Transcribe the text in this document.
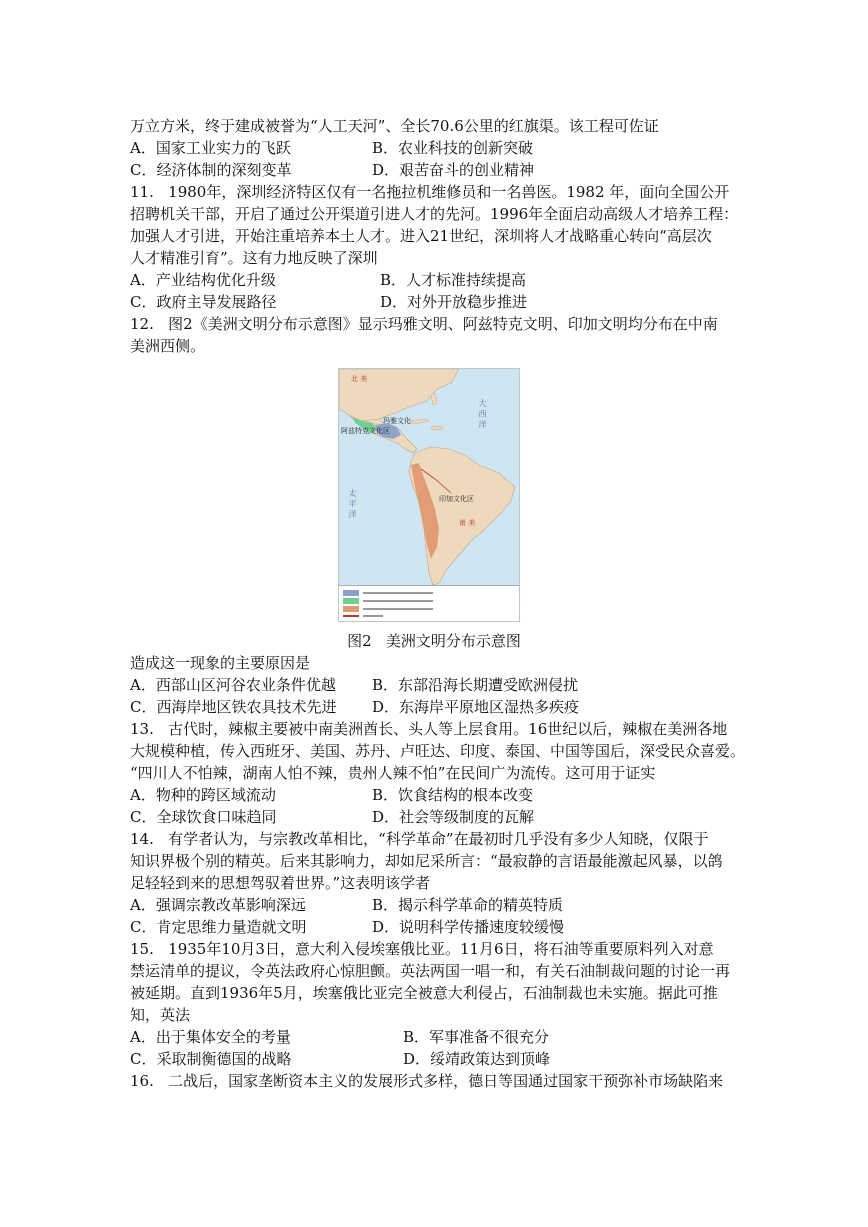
万立方米，终于建成被誉为“人工天河”、全长70.6公里的红旗渠。该工程可佐证
A．国家工业实力的飞跃	B．农业科技的创新突破
C．经济体制的深刻变革	D．艰苦奋斗的创业精神
11.   1980年，深圳经济特区仅有一名拖拉机维修员和一名兽医。1982 年，面向全国公开
招聘机关干部，开启了通过公开渠道引进人才的先河。1996年全面启动高级人才培养工程：
加强人才引进，开始注重培养本土人才。进入21世纪，深圳将人才战略重心转向“高层次
人才精准引育”。这有力地反映了深圳
A．产业结构优化升级	B．人才标准持续提高
C．政府主导发展路径	D．对外开放稳步推进
12.   图2《美洲文明分布示意图》显示玛雅文明、阿兹特克文明、印加文明均分布在中南
美洲西侧。
北 美
南 美
阿兹特克文化区
玛雅文化
印加文化区
大 西 洋
太 平 洋
图2   美洲文明分布示意图
造成这一现象的主要原因是
A．西部山区河谷农业条件优越 B．东部沿海长期遭受欧洲侵扰
C．西海岸地区铁农具技术先进 D．东海岸平原地区湿热多疾疫
13.   古代时，辣椒主要被中南美洲酋长、头人等上层食用。16世纪以后，辣椒在美洲各地
大规模种植，传入西班牙、美国、苏丹、卢旺达、印度、泰国、中国等国后，深受民众喜爱。
“四川人不怕辣，湖南人怕不辣，贵州人辣不怕”在民间广为流传。这可用于证实
A．物种的跨区域流动	B．饮食结构的根本改变
C．全球饮食口味趋同	D．社会等级制度的瓦解
14.   有学者认为，与宗教改革相比，“科学革命”在最初时几乎没有多少人知晓，仅限于
知识界极个别的精英。后来其影响力，却如尼采所言：“最寂静的言语最能激起风暴，以鸽
足轻轻到来的思想驾驭着世界。”这表明该学者
A．强调宗教改革影响深远	B．揭示科学革命的精英特质
C．肯定思维力量造就文明	D．说明科学传播速度较缓慢
15.   1935年10月3日，意大利入侵埃塞俄比亚。11月6日，将石油等重要原料列入对意
禁运清单的提议，令英法政府心惊胆颤。英法两国一唱一和，有关石油制裁问题的讨论一再
被延期。直到1936年5月，埃塞俄比亚完全被意大利侵占，石油制裁也未实施。据此可推
知，英法
A．出于集体安全的考量	B．军事准备不很充分
C．采取制衡德国的战略	D．绥靖政策达到顶峰
16.   二战后，国家垄断资本主义的发展形式多样，德日等国通过国家干预弥补市场缺陷来
